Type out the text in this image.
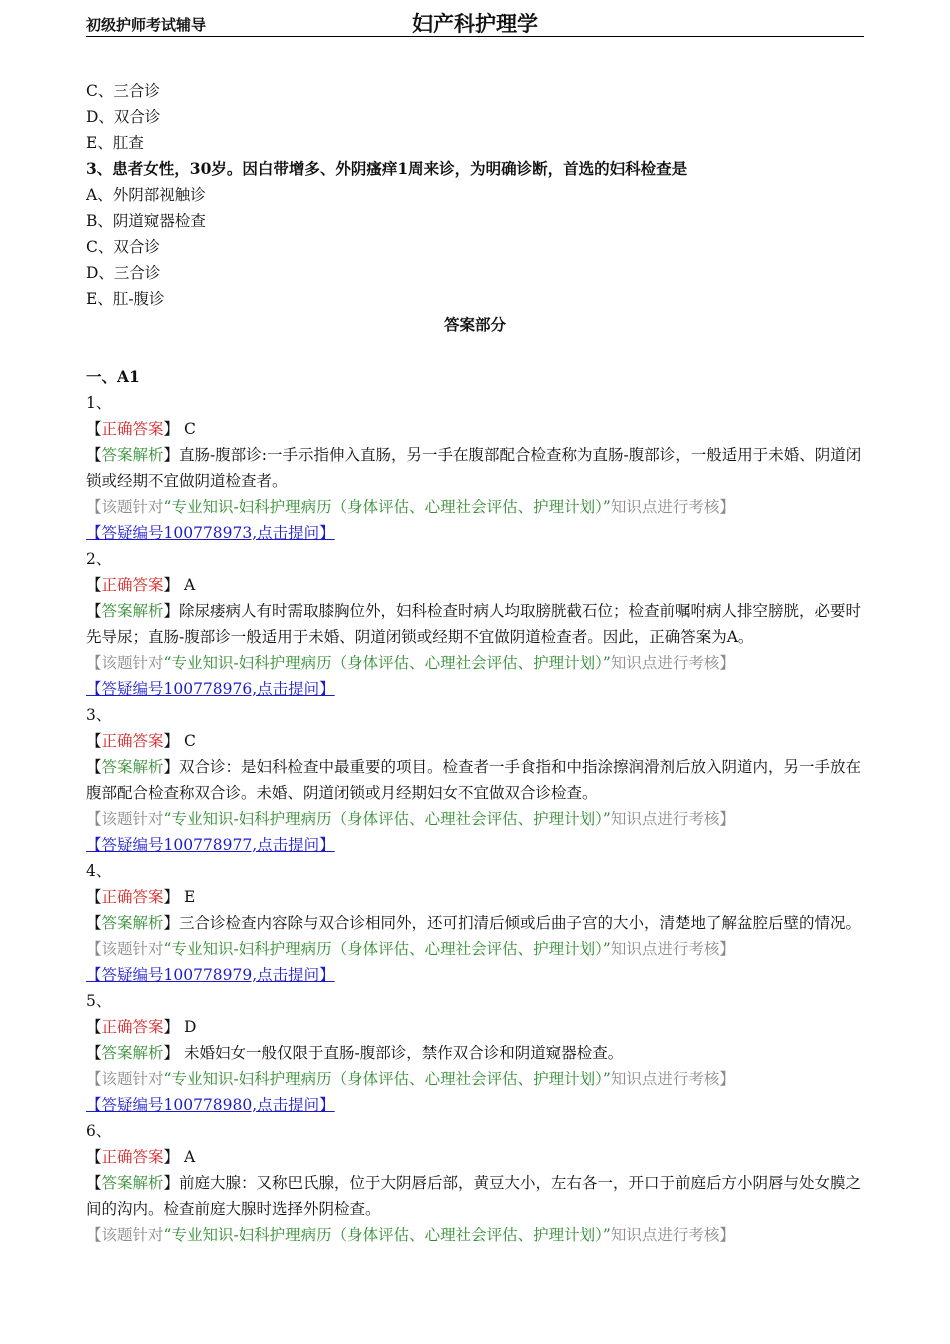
初级护师考试辅导	妇产科护理学
C、三合诊
D、双合诊
E、肛查
3、患者女性，30岁。因白带增多、外阴瘙痒1周来诊，为明确诊断，首选的妇科检查是
A、外阴部视触诊
B、阴道窥器检查
C、双合诊
D、三合诊
E、肛-腹诊
答案部分
一、A1
1、
【正确答案】 C
【答案解析】直肠-腹部诊:一手示指伸入直肠，另一手在腹部配合检查称为直肠-腹部诊，一般适用于未婚、阴道闭锁或经期不宜做阴道检查者。
【该题针对“专业知识-妇科护理病历（身体评估、心理社会评估、护理计划）”知识点进行考核】
【答疑编号100778973,点击提问】
2、
【正确答案】 A
【答案解析】除尿瘘病人有时需取膝胸位外，妇科检查时病人均取膀胱截石位；检查前嘱咐病人排空膀胱，必要时先导尿；直肠-腹部诊一般适用于未婚、阴道闭锁或经期不宜做阴道检查者。因此，正确答案为A。
【该题针对“专业知识-妇科护理病历（身体评估、心理社会评估、护理计划）”知识点进行考核】
【答疑编号100778976,点击提问】
3、
【正确答案】 C
【答案解析】双合诊：是妇科检查中最重要的项目。检查者一手食指和中指涂擦润滑剂后放入阴道内，另一手放在腹部配合检查称双合诊。未婚、阴道闭锁或月经期妇女不宜做双合诊检查。
【该题针对“专业知识-妇科护理病历（身体评估、心理社会评估、护理计划）”知识点进行考核】
【答疑编号100778977,点击提问】
4、
【正确答案】 E
【答案解析】三合诊检查内容除与双合诊相同外，还可扪清后倾或后曲子宫的大小，清楚地了解盆腔后壁的情况。
【该题针对“专业知识-妇科护理病历（身体评估、心理社会评估、护理计划）”知识点进行考核】
【答疑编号100778979,点击提问】
5、
【正确答案】 D
【答案解析】 未婚妇女一般仅限于直肠-腹部诊，禁作双合诊和阴道窥器检查。
【该题针对“专业知识-妇科护理病历（身体评估、心理社会评估、护理计划）”知识点进行考核】
【答疑编号100778980,点击提问】
6、
【正确答案】 A
【答案解析】前庭大腺：又称巴氏腺，位于大阴唇后部，黄豆大小，左右各一，开口于前庭后方小阴唇与处女膜之间的沟内。检查前庭大腺时选择外阴检查。
【该题针对“专业知识-妇科护理病历（身体评估、心理社会评估、护理计划）”知识点进行考核】
